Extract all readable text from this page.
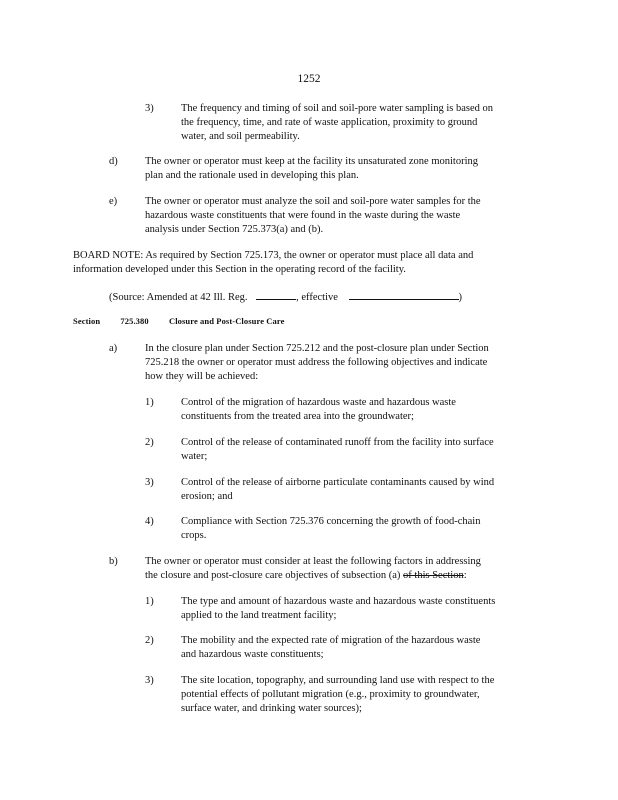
1252
3)	The frequency and timing of soil and soil-pore water sampling is based on
the frequency, time, and rate of waste application, proximity to ground
water, and soil permeability.
d)	The owner or operator must keep at the facility its unsaturated zone monitoring
plan and the rationale used in developing this plan.
e)	The owner or operator must analyze the soil and soil-pore water samples for the
hazardous waste constituents that were found in the waste during the waste
analysis under Section 725.373(a) and (b).
BOARD NOTE: As required by Section 725.173, the owner or operator must place all data and
information developed under this Section in the operating record of the facility.
(Source: Amended at 42 Ill. Reg.	, effective	)
Section 725.380 Closure and Post-Closure Care
a)	In the closure plan under Section 725.212 and the post-closure plan under Section
725.218 the owner or operator must address the following objectives and indicate
how they will be achieved:
1)	Control of the migration of hazardous waste and hazardous waste
constituents from the treated area into the groundwater;
2)	Control of the release of contaminated runoff from the facility into surface
water;
3)	Control of the release of airborne particulate contaminants caused by wind
erosion; and
4)	Compliance with Section 725.376 concerning the growth of food-chain
crops.
b)	The owner or operator must consider at least the following factors in addressing
the closure and post-closure care objectives of subsection (a) of this Section:
1)	The type and amount of hazardous waste and hazardous waste constituents
applied to the land treatment facility;
2)	The mobility and the expected rate of migration of the hazardous waste
and hazardous waste constituents;
3)	The site location, topography, and surrounding land use with respect to the
potential effects of pollutant migration (e.g., proximity to groundwater,
surface water, and drinking water sources);
